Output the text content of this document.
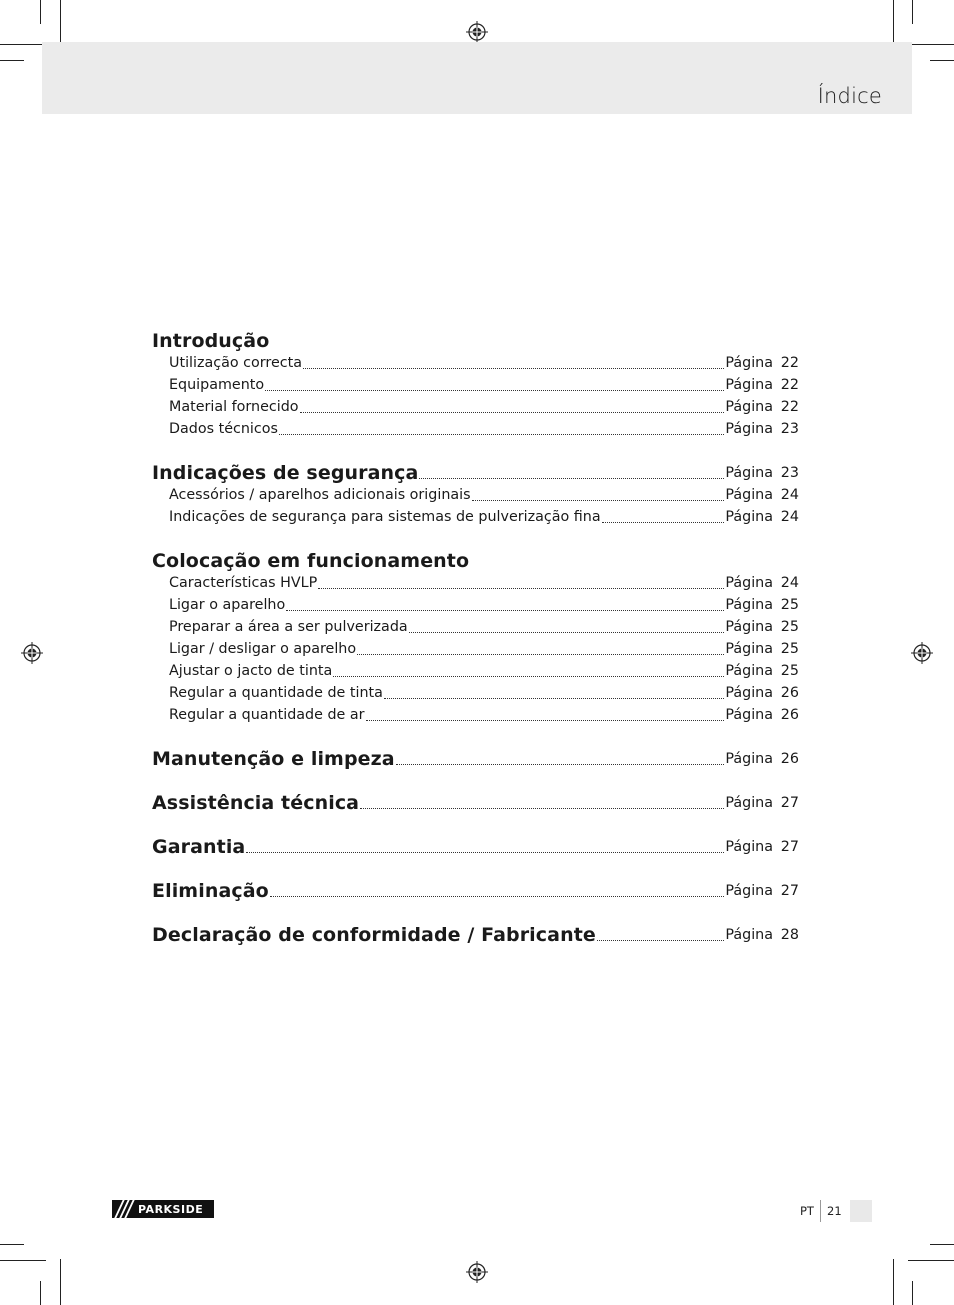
Índice
Introdução
Utilização correcta	Página 22
Equipamento	Página 22
Material fornecido	Página 22
Dados técnicos	Página 23
Indicações de segurança	Página 23
Acessórios / aparelhos adicionais originais	Página 24
Indicações de segurança para sistemas de pulverização fina	Página 24
Colocação em funcionamento
Características HVLP	Página 24
Ligar o aparelho	Página 25
Preparar a área a ser pulverizada	Página 25
Ligar / desligar o aparelho	Página 25
Ajustar o jacto de tinta	Página 25
Regular a quantidade de tinta	Página 26
Regular a quantidade de ar	Página 26
Manutenção e limpeza	Página 26
Assistência técnica	Página 27
Garantia	Página 27
Eliminação	Página 27
Declaração de conformidade / Fabricante	Página 28
PARKSIDE	PT 21
